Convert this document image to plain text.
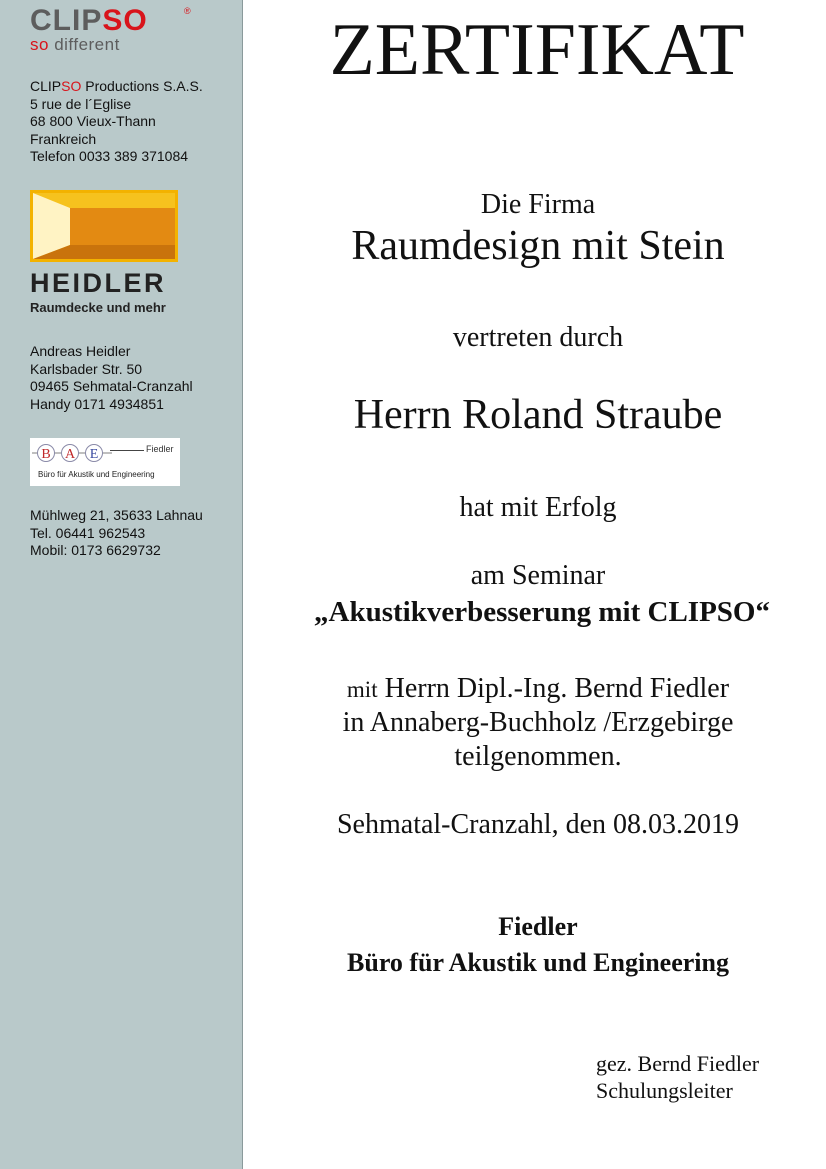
CLIPSO	®
so different
CLIPSO Productions S.A.S.
5 rue de l´Eglise
68 800 Vieux-Thann
Frankreich
Telefon 0033 389 371084
HEIDLER
Raumdecke und mehr
Andreas Heidler
Karlsbader Str. 50
09465 Sehmatal-Cranzahl
Handy 0171 4934851
B A E	Fiedler
Büro für Akustik und Engineering
Mühlweg 21, 35633 Lahnau
Tel. 06441 962543
Mobil: 0173 6629732
ZERTIFIKAT
Die Firma
Raumdesign mit Stein
vertreten durch
Herrn Roland Straube
hat mit Erfolg
am Seminar
„Akustikverbesserung mit CLIPSO“
mit Herrn Dipl.-Ing. Bernd Fiedler
in Annaberg-Buchholz /Erzgebirge
teilgenommen.
Sehmatal-Cranzahl, den 08.03.2019
Fiedler
Büro für Akustik und Engineering
gez. Bernd Fiedler
Schulungsleiter
